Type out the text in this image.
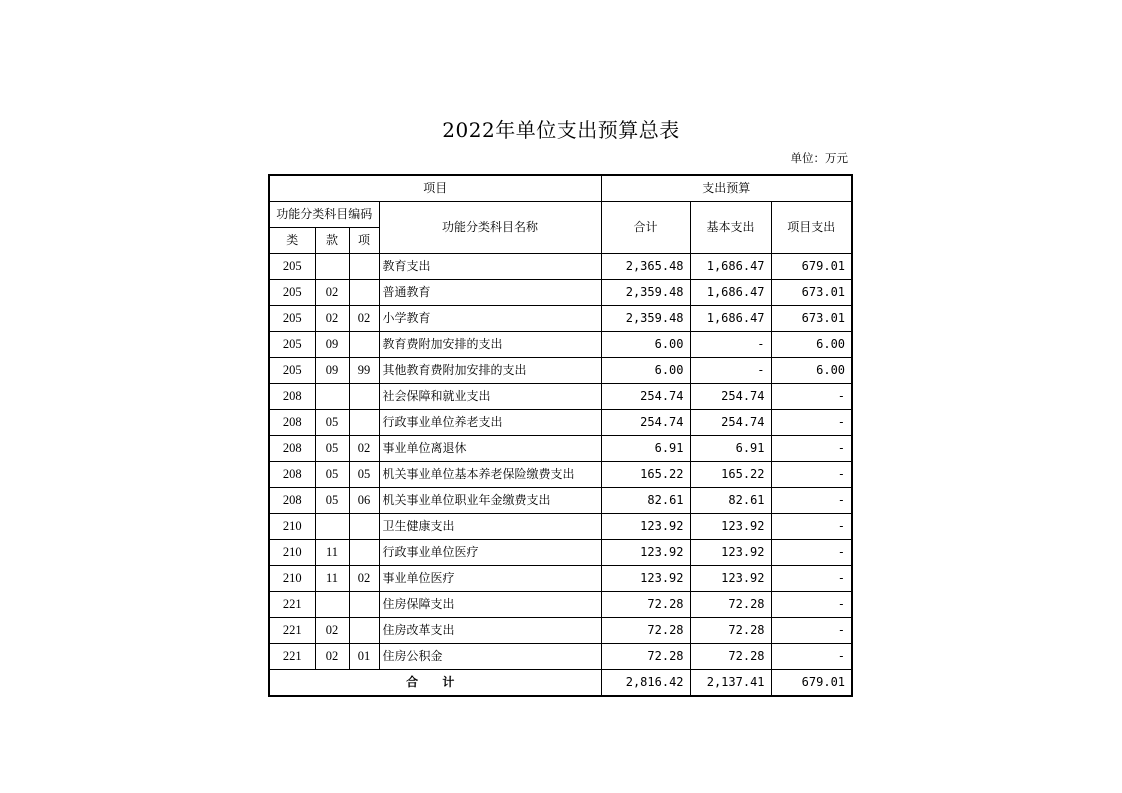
2022年单位支出预算总表
单位：万元
项目				支出预算		
功能分类科目编码			功能分类科目名称	合计	基本支出	项目支出
类	款	项				
205			教育支出	2,365.48	1,686.47	679.01
205	02		普通教育	2,359.48	1,686.47	673.01
205	02	02	小学教育	2,359.48	1,686.47	673.01
205	09		教育费附加安排的支出	6.00	-	6.00
205	09	99	其他教育费附加安排的支出	6.00	-	6.00
208			社会保障和就业支出	254.74	254.74	-
208	05		行政事业单位养老支出	254.74	254.74	-
208	05	02	事业单位离退休	6.91	6.91	-
208	05	05	机关事业单位基本养老保险缴费支出	165.22	165.22	-
208	05	06	机关事业单位职业年金缴费支出	82.61	82.61	-
210			卫生健康支出	123.92	123.92	-
210	11		行政事业单位医疗	123.92	123.92	-
210	11	02	事业单位医疗	123.92	123.92	-
221			住房保障支出	72.28	72.28	-
221	02		住房改革支出	72.28	72.28	-
221	02	01	住房公积金	72.28	72.28	-
合 计				2,816.42	2,137.41	679.01
